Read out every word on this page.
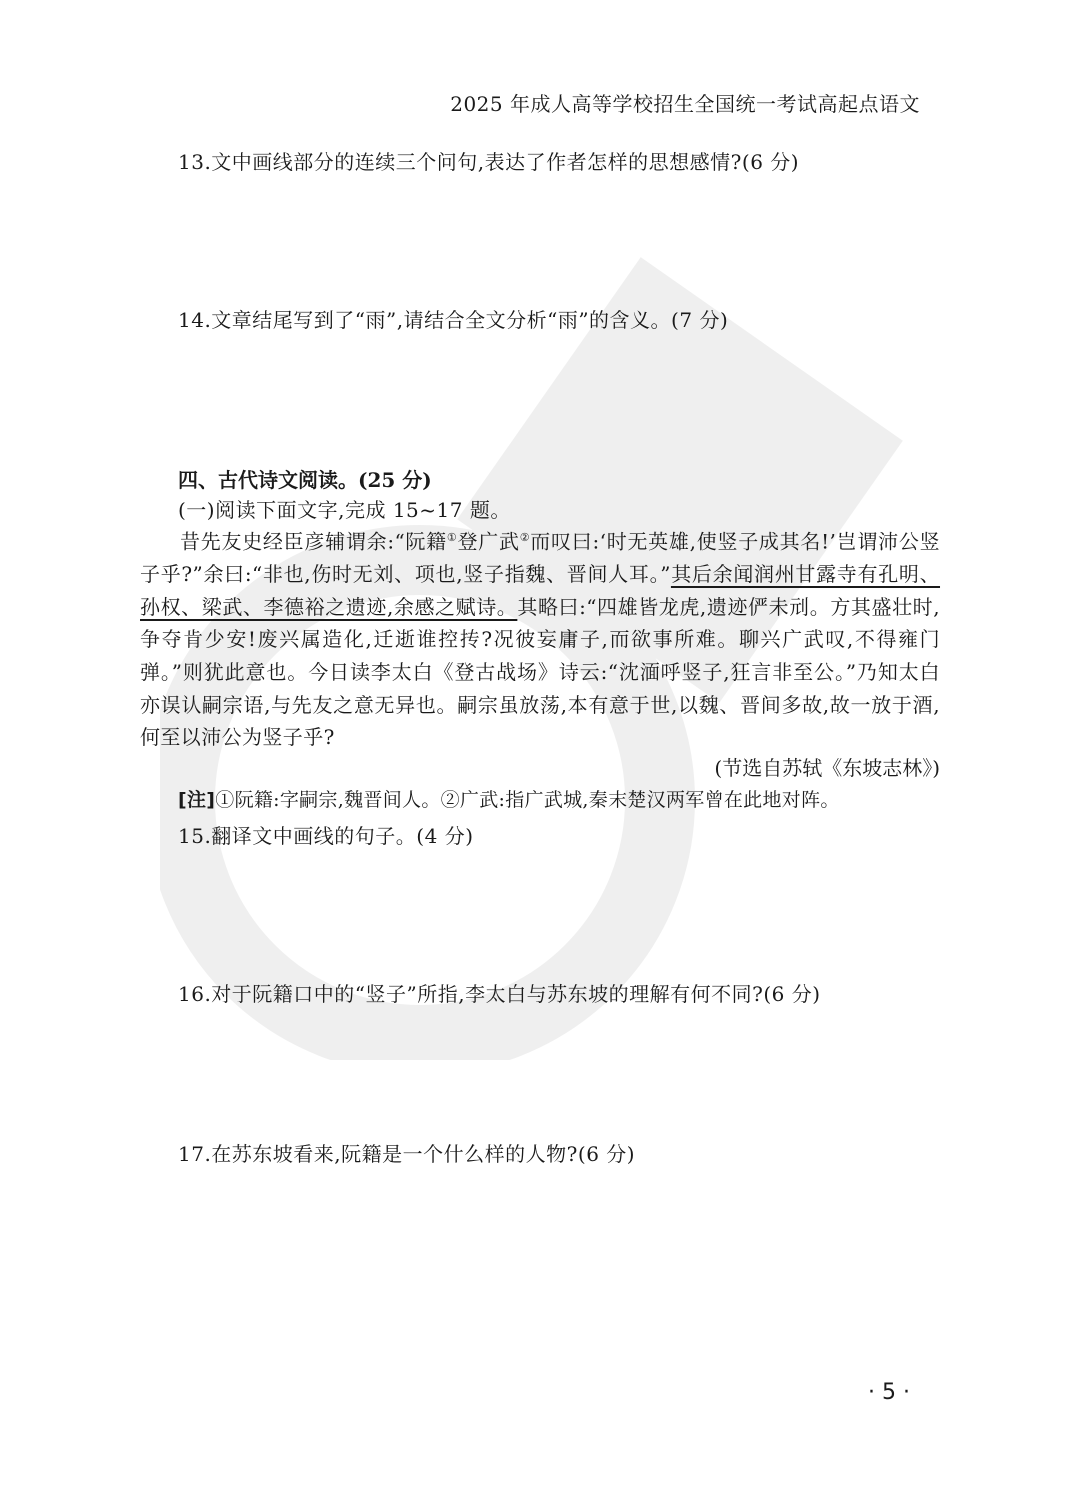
2025 年成人高等学校招生全国统一考试高起点语文
13.文中画线部分的连续三个问句,表达了作者怎样的思想感情?(6 分)
14.文章结尾写到了“雨”,请结合全文分析“雨”的含义。(7 分)
四、古代诗文阅读。(25 分)
(一)阅读下面文字,完成 15~17 题。

昔先友史经臣彦辅谓余:“阮籍①登广武②而叹曰:‘时无英雄,使竖子成其名!’岂谓沛公竖子乎?”余曰:“非也,伤时无刘、项也,竖子指魏、晋间人耳。”其后余闻润州甘露寺有孔明、孙权、梁武、李德裕之遗迹,余感之赋诗。其略曰:“四雄皆龙虎,遗迹俨未刓。方其盛壮时,争夺肯少安!废兴属造化,迁逝谁控抟?况彼妄庸子,而欲事所难。聊兴广武叹,不得雍门弹。”则犹此意也。今日读李太白《登古战场》诗云:“沈湎呼竖子,狂言非至公。”乃知太白亦误认嗣宗语,与先友之意无异也。嗣宗虽放荡,本有意于世,以魏、晋间多故,故一放于酒,何至以沛公为竖子乎?

(节选自苏轼《东坡志林》)
[注]①阮籍:字嗣宗,魏晋间人。②广武:指广武城,秦末楚汉两军曾在此地对阵。
15.翻译文中画线的句子。(4 分)
16.对于阮籍口中的“竖子”所指,李太白与苏东坡的理解有何不同?(6 分)
17.在苏东坡看来,阮籍是一个什么样的人物?(6 分)
· 5 ·
